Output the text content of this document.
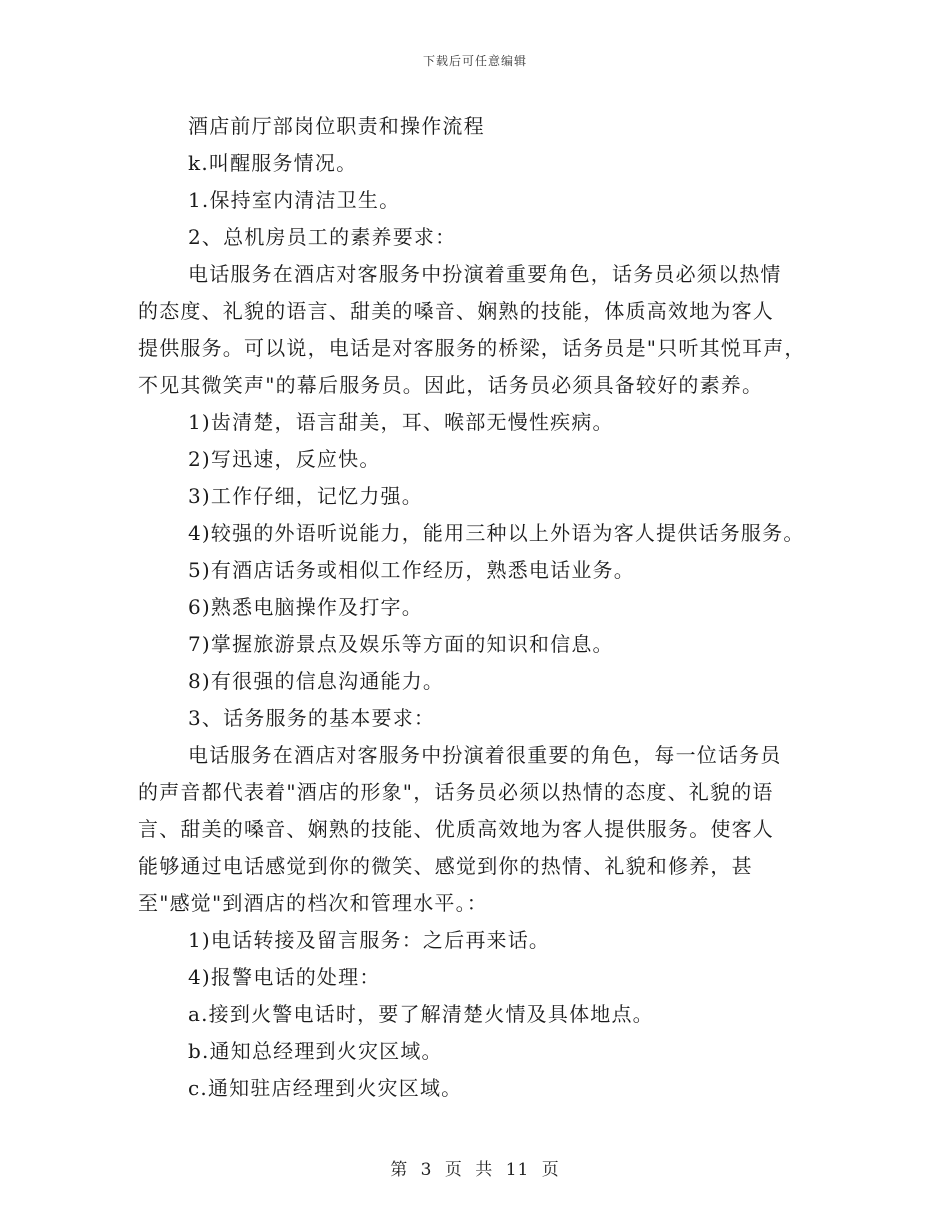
下载后可任意编辑
酒店前厅部岗位职责和操作流程
k.叫醒服务情况。
1.保持室内清洁卫生。
2、总机房员工的素养要求：
电话服务在酒店对客服务中扮演着重要角色，话务员必须以热情
的态度、礼貌的语言、甜美的嗓音、娴熟的技能，体质高效地为客人
提供服务。可以说，电话是对客服务的桥梁，话务员是"只听其悦耳声，
不见其微笑声"的幕后服务员。因此，话务员必须具备较好的素养。
1)齿清楚，语言甜美，耳、喉部无慢性疾病。
2)写迅速，反应快。
3)工作仔细，记忆力强。
4)较强的外语听说能力，能用三种以上外语为客人提供话务服务。
5)有酒店话务或相似工作经历，熟悉电话业务。
6)熟悉电脑操作及打字。
7)掌握旅游景点及娱乐等方面的知识和信息。
8)有很强的信息沟通能力。
3、话务服务的基本要求：
电话服务在酒店对客服务中扮演着很重要的角色，每一位话务员
的声音都代表着"酒店的形象"，话务员必须以热情的态度、礼貌的语
言、甜美的嗓音、娴熟的技能、优质高效地为客人提供服务。使客人
能够通过电话感觉到你的微笑、感觉到你的热情、礼貌和修养，甚
至"感觉"到酒店的档次和管理水平。：
1)电话转接及留言服务：之后再来话。
4)报警电话的处理：
a.接到火警电话时，要了解清楚火情及具体地点。
b.通知总经理到火灾区域。
c.通知驻店经理到火灾区域。
第 3 页 共 11 页
